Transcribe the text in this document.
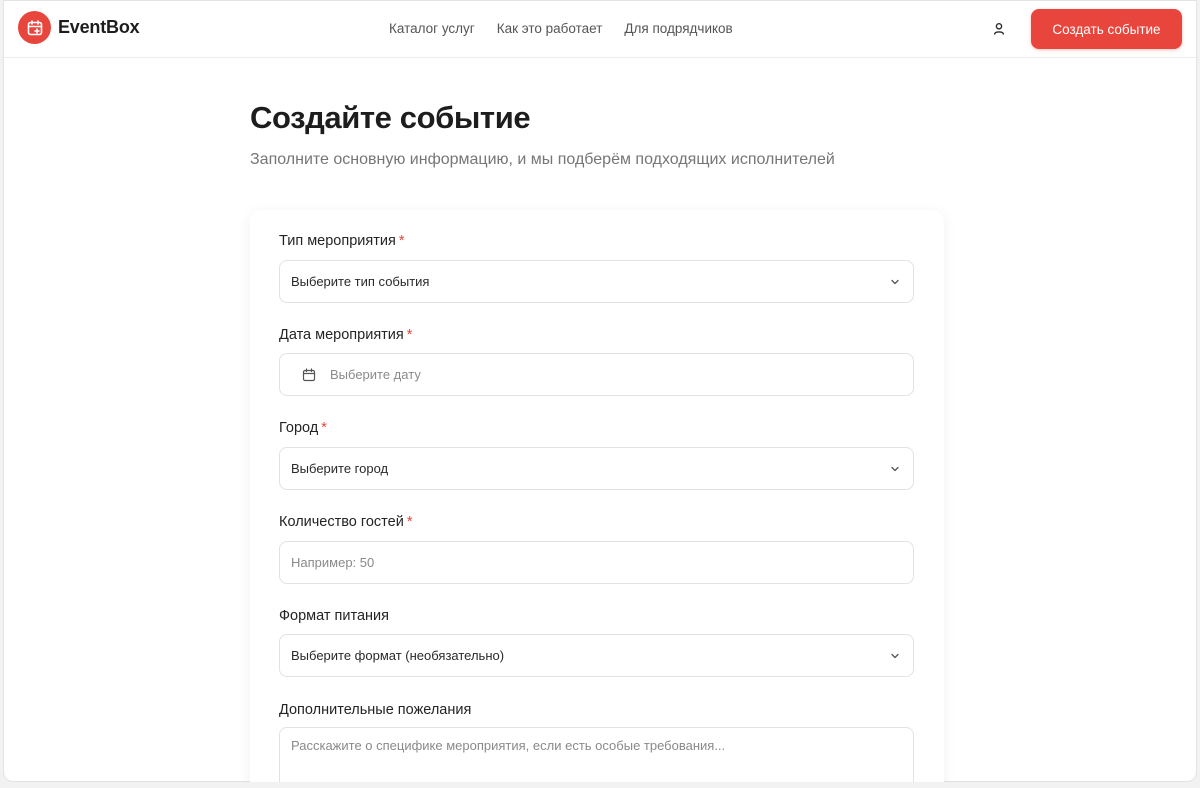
EventBox	Каталог услуг Как это работает Для подрядчиков	Создать событие
Создайте событие

Заполните основную информацию, и мы подберём подходящих исполнителей

Тип мероприятия *
Выберите тип события
Дата мероприятия *
Выберите дату
Город *
Выберите город
Количество гостей *
Например: 50
Формат питания
Выберите формат (необязательно)
Дополнительные пожелания
Расскажите о специфике мероприятия, если есть особые требования...
